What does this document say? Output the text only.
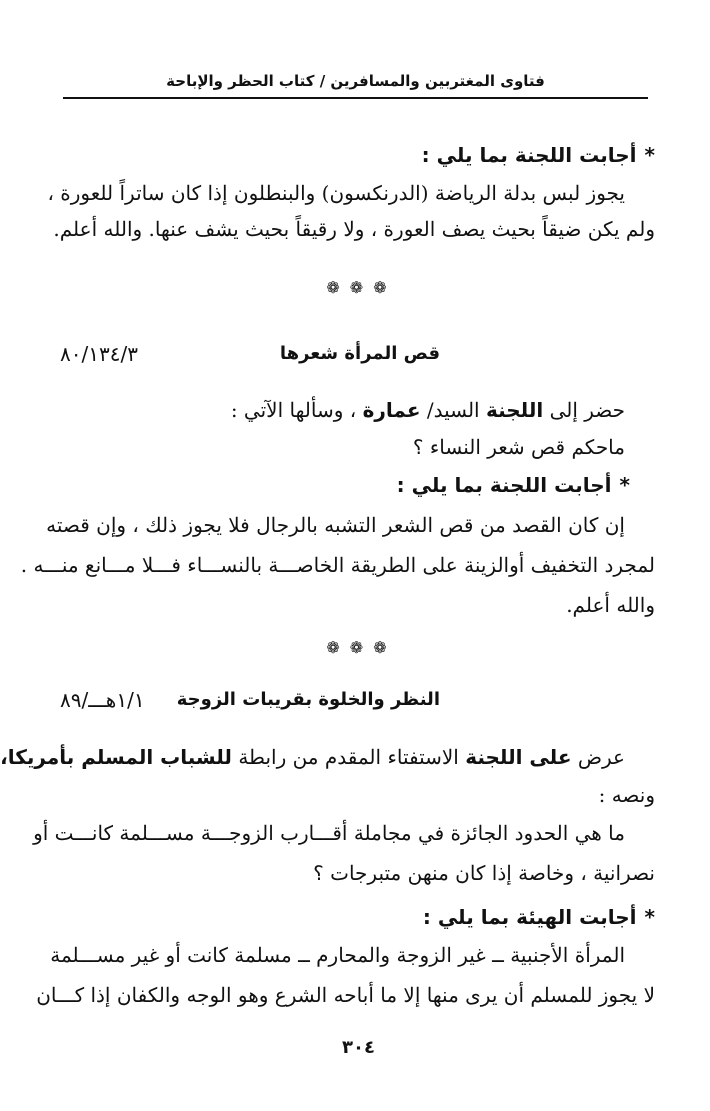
فتاوى المغتربين والمسافرين / كتاب الحظر والإباحة
*أجابت اللجنة بما يلي :
يجوز لبس بدلة الرياضة (الدرنكسون) والبنطلون إذا كان ساتراً للعورة ،
ولم يكن ضيقاً بحيث يصف العورة ، ولا رقيقاً بحيث يشف عنها. والله أعلم.
❁❁❁
قص المرأة شعرها
٨٠/١٣٤/٣
حضر إلى اللجنة السيد/ عمارة ، وسألها الآتي :
ماحكم قص شعر النساء ؟
*أجابت اللجنة بما يلي :
إن كان القصد من قص الشعر التشبه بالرجال فلا يجوز ذلك ، وإن قصته
لمجرد التخفيف أوالزينة على الطريقة الخاصـــة بالنســـاء فـــلا مـــانع منـــه .
والله أعلم.
❁❁❁
النظر والخلوة بقريبات الزوجة
١/١هـــ/٨٩
عرض على اللجنة الاستفتاء المقدم من رابطة للشباب المسلم بأمريكا،
ونصه :
ما هي الحدود الجائزة في مجاملة أقـــارب الزوجـــة مســـلمة كانـــت أو
نصرانية ، وخاصة إذا كان منهن متبرجات ؟
*أجابت الهيئة بما يلي :
المرأة الأجنبية ــ غير الزوجة والمحارم ــ مسلمة كانت أو غير مســـلمة
لا يجوز للمسلم أن يرى منها إلا ما أباحه الشرع وهو الوجه والكفان إذا كـــان
٣٠٤
